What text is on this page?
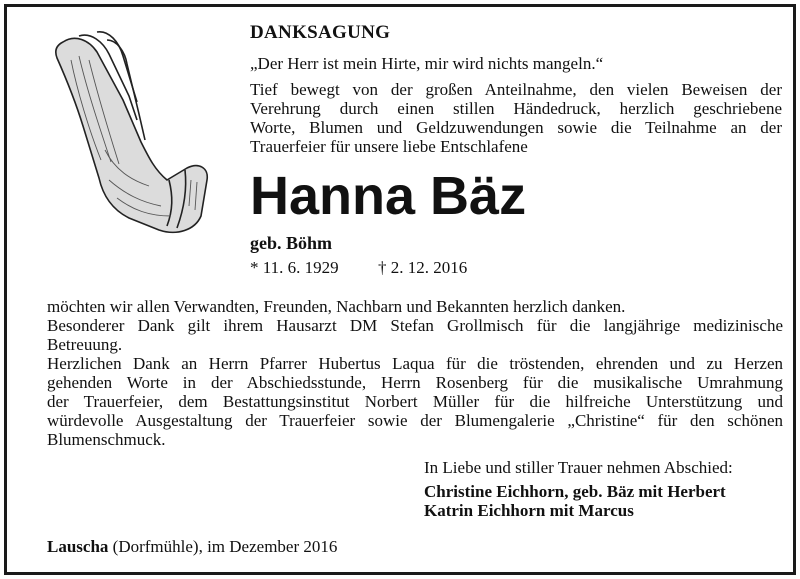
DANKSAGUNG
„Der Herr ist mein Hirte, mir wird nichts mangeln.“
Tief bewegt von der großen Anteilnahme, den vielen Beweisen der
Verehrung durch einen stillen Händedruck, herzlich geschriebene
Worte, Blumen und Geldzuwendungen sowie die Teilnahme an der
Trauerfeier für unsere liebe Entschlafene
Hanna Bäz
geb. Böhm
* 11. 6. 1929 † 2. 12. 2016
möchten wir allen Verwandten, Freunden, Nachbarn und Bekannten herzlich danken.
Besonderer Dank gilt ihrem Hausarzt DM Stefan Grollmisch für die langjährige medizinische
Betreuung.
Herzlichen Dank an Herrn Pfarrer Hubertus Laqua für die tröstenden, ehrenden und zu Herzen
gehenden Worte in der Abschiedsstunde, Herrn Rosenberg für die musikalische Umrahmung
der Trauerfeier, dem Bestattungsinstitut Norbert Müller für die hilfreiche Unterstützung und
würdevolle Ausgestaltung der Trauerfeier sowie der Blumengalerie „Christine“ für den schönen
Blumenschmuck.
In Liebe und stiller Trauer nehmen Abschied:
Christine Eichhorn, geb. Bäz mit Herbert
Katrin Eichhorn mit Marcus
Lauscha (Dorfmühle), im Dezember 2016
